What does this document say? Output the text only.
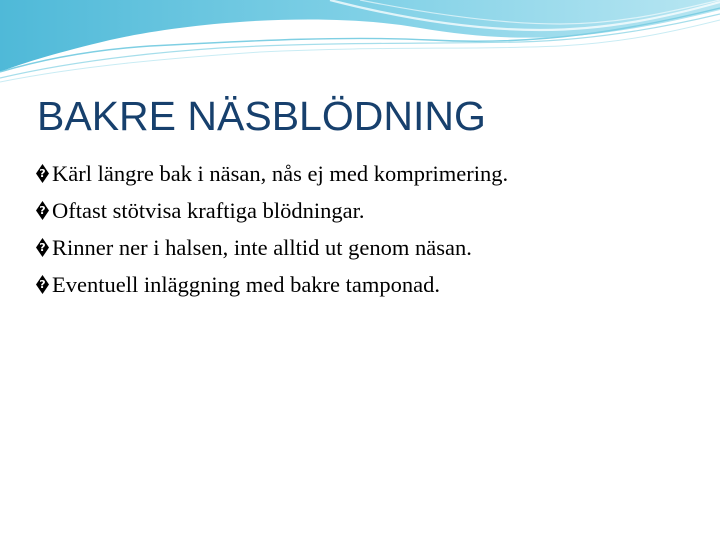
BAKRE NÄSBLÖDNING
?
Kärl längre bak i näsan, nås ej med komprimering.
?
Oftast stötvisa kraftiga blödningar.
?
Rinner ner i halsen, inte alltid ut genom näsan.
?
Eventuell inläggning med bakre tamponad.
